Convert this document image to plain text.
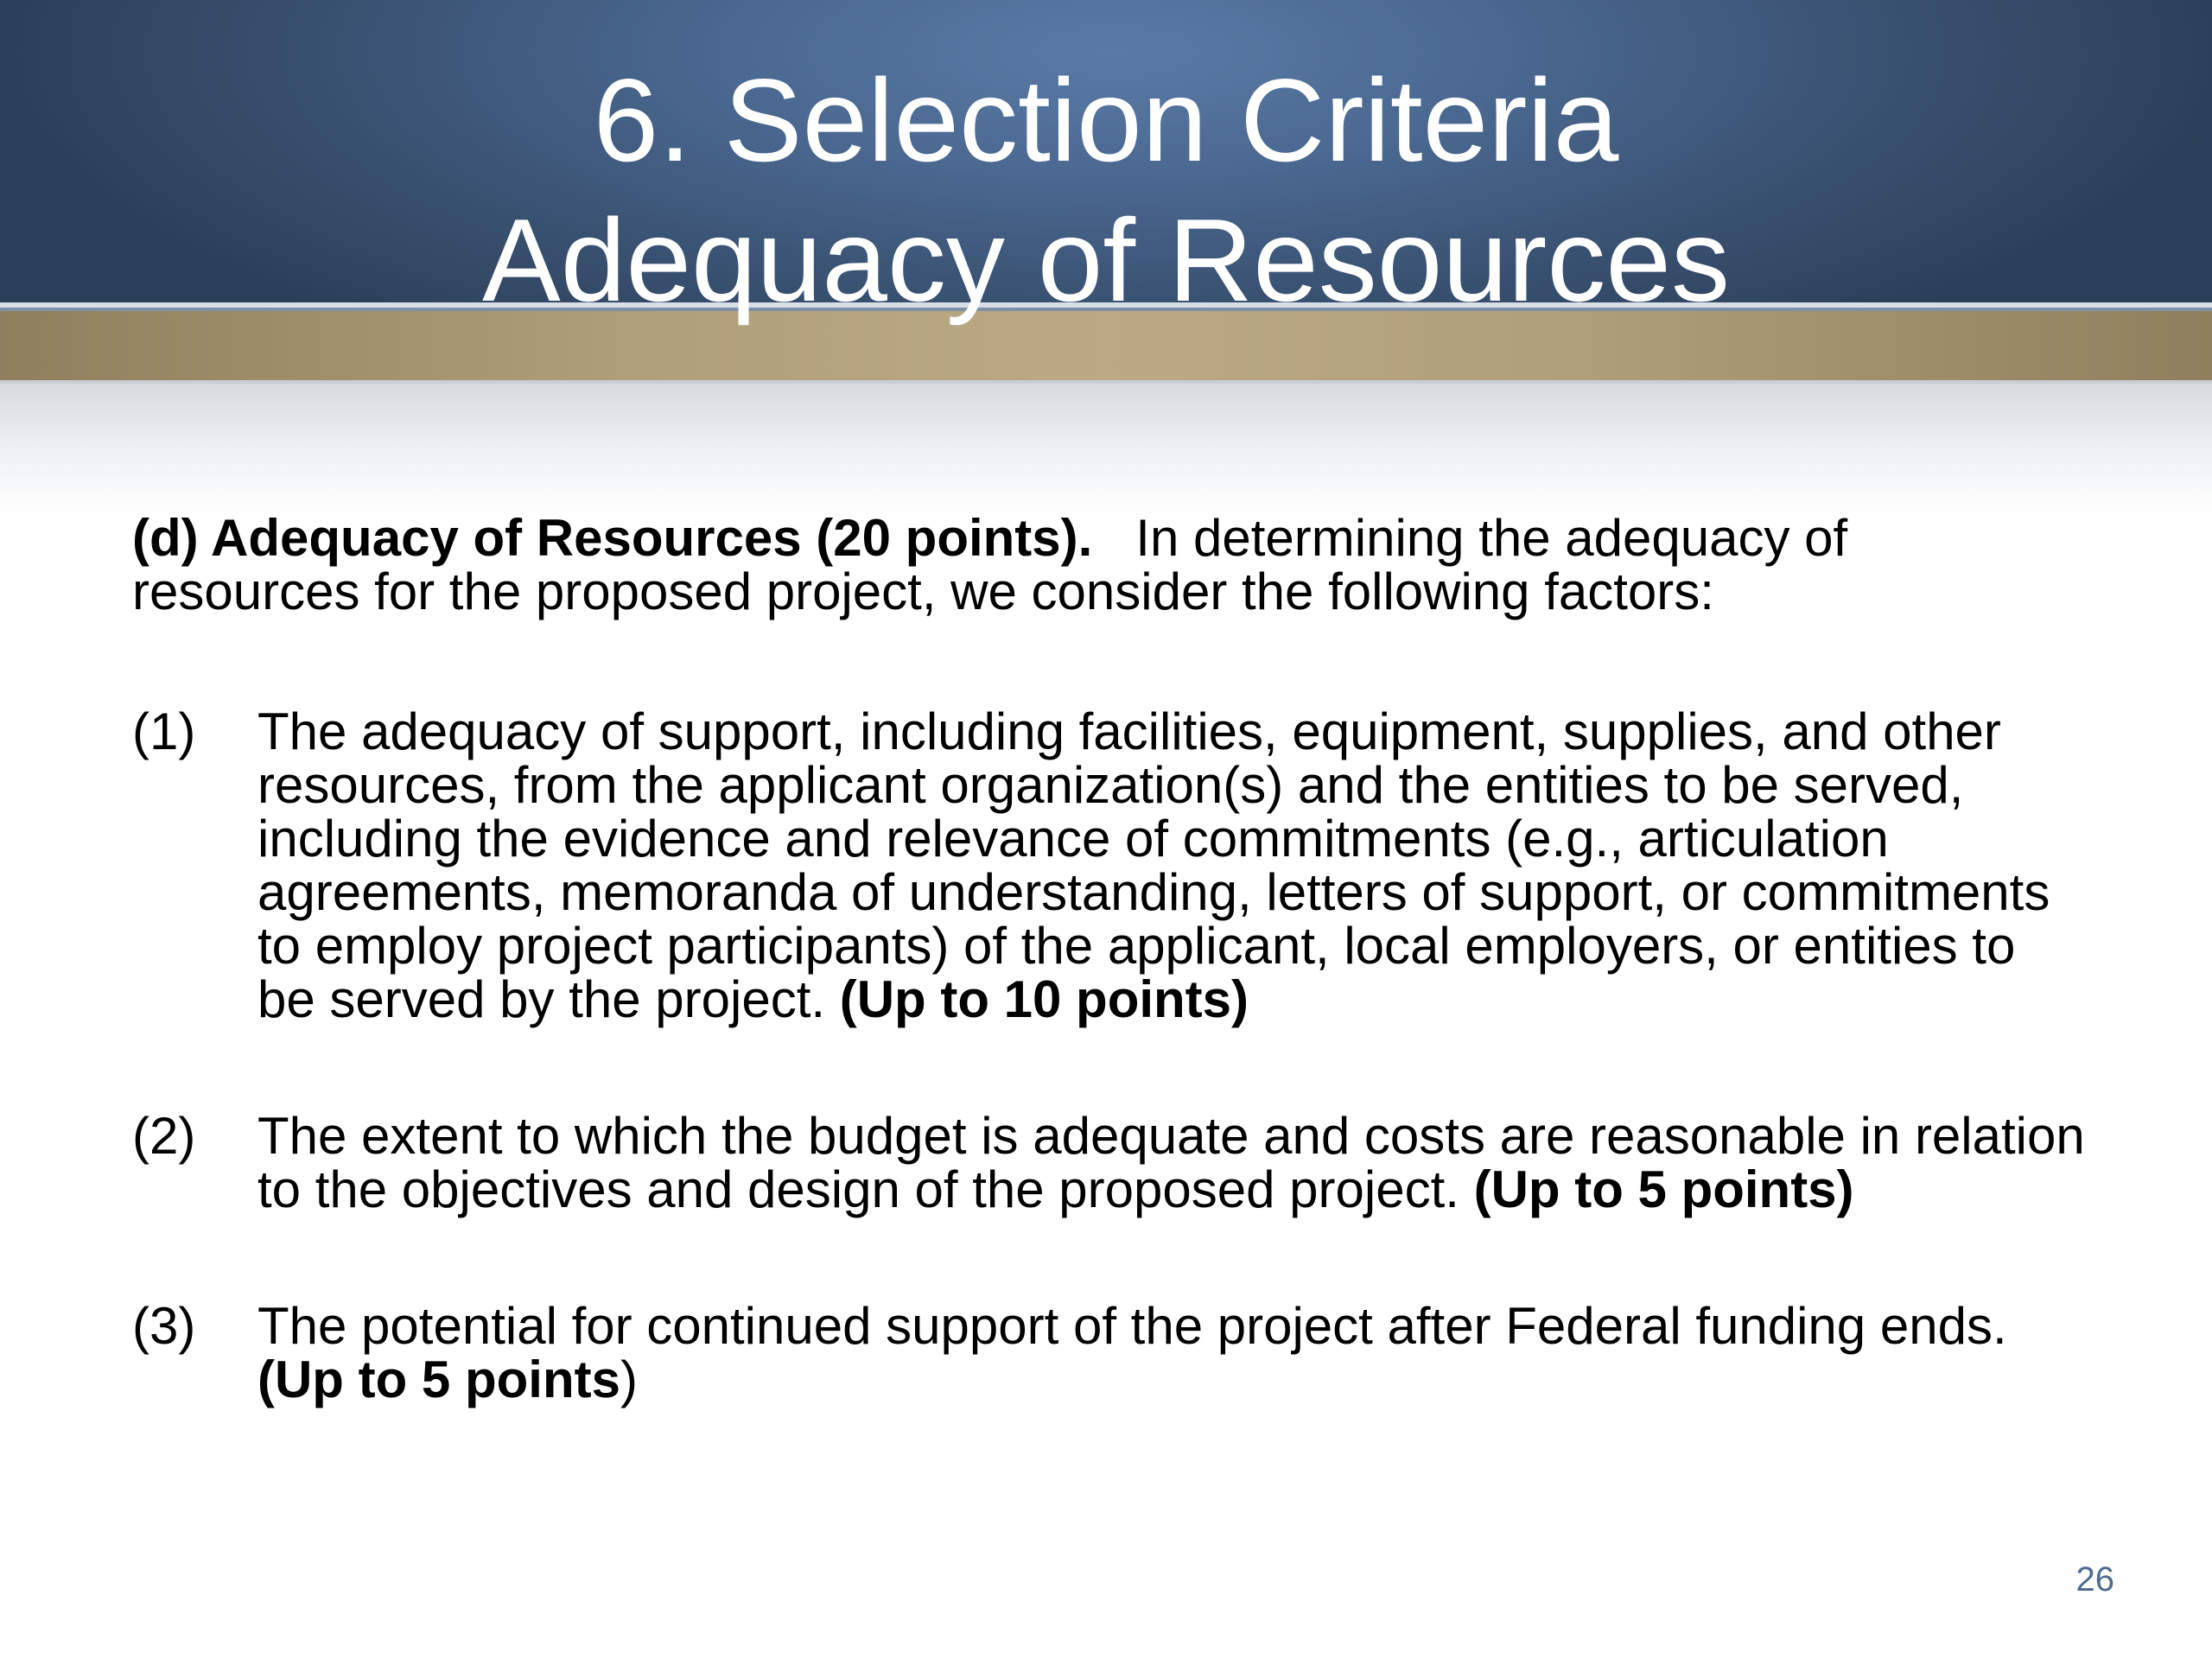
6. Selection Criteria
Adequacy of Resources

(d) Adequacy of Resources (20 points).   In determining the adequacy of resources for the proposed project, we consider the following factors:

(1)	The adequacy of support, including facilities, equipment, supplies, and other resources, from the applicant organization(s) and the entities to be served, including the evidence and relevance of commitments (e.g., articulation agreements, memoranda of understanding, letters of support, or commitments to employ project participants) of the applicant, local employers, or entities to be served by the project. (Up to 10 points)
(2)	The extent to which the budget is adequate and costs are reasonable in relation to the objectives and design of the proposed project. (Up to 5 points)
(3)	The potential for continued support of the project after Federal funding ends. (Up to 5 points)
26
